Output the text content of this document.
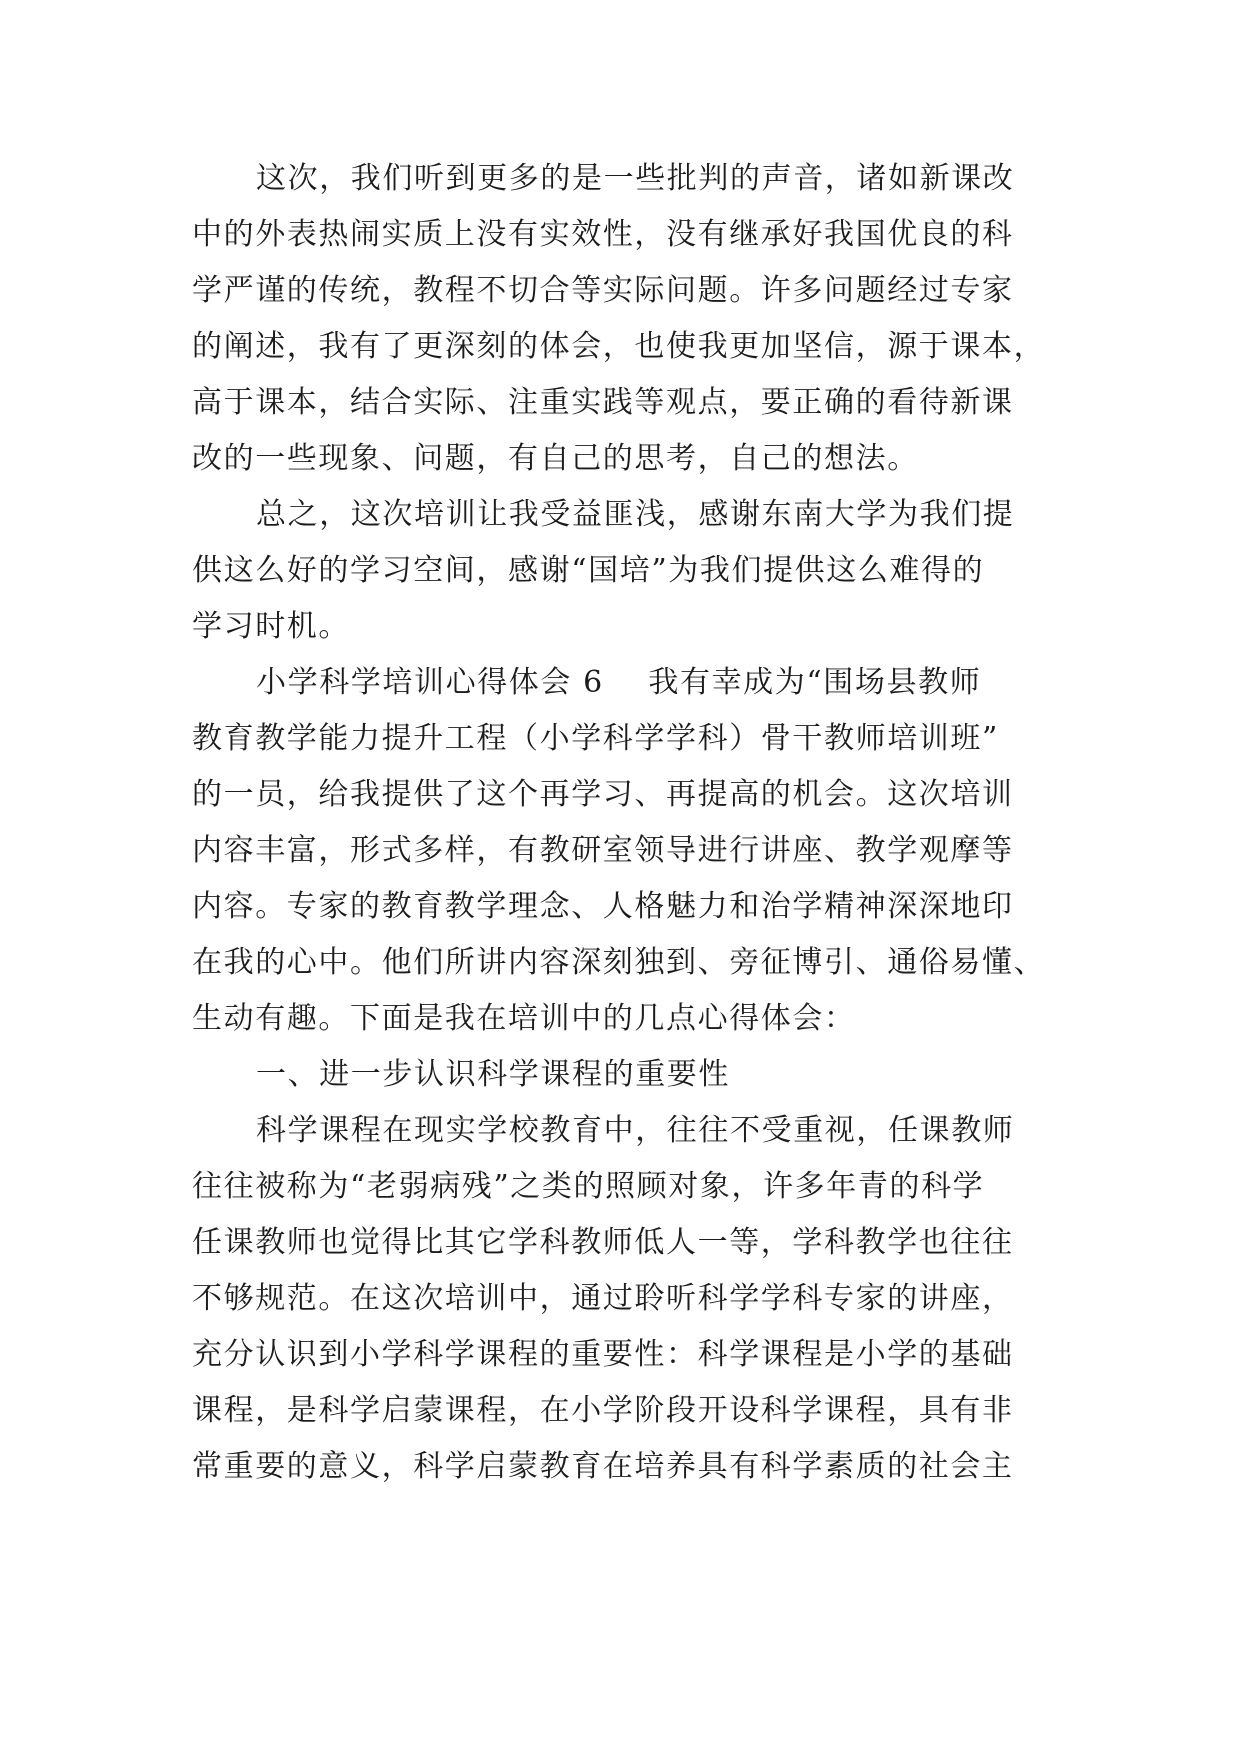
这次，我们听到更多的是一些批判的声音，诸如新课改
中的外表热闹实质上没有实效性，没有继承好我国优良的科
学严谨的传统，教程不切合等实际问题。许多问题经过专家
的阐述，我有了更深刻的体会，也使我更加坚信，源于课本，
高于课本，结合实际、注重实践等观点，要正确的看待新课
改的一些现象、问题，有自己的思考，自己的想法。
总之，这次培训让我受益匪浅，感谢东南大学为我们提
供这么好的学习空间，感谢“国培”为我们提供这么难得的
学习时机。
小学科学培训心得体会 6    我有幸成为“围场县教师
教育教学能力提升工程（小学科学学科）骨干教师培训班”
的一员，给我提供了这个再学习、再提高的机会。这次培训
内容丰富，形式多样，有教研室领导进行讲座、教学观摩等
内容。专家的教育教学理念、人格魅力和治学精神深深地印
在我的心中。他们所讲内容深刻独到、旁征博引、通俗易懂、
生动有趣。下面是我在培训中的几点心得体会：
一、进一步认识科学课程的重要性
科学课程在现实学校教育中，往往不受重视，任课教师
往往被称为“老弱病残”之类的照顾对象，许多年青的科学
任课教师也觉得比其它学科教师低人一等，学科教学也往往
不够规范。在这次培训中，通过聆听科学学科专家的讲座，
充分认识到小学科学课程的重要性：科学课程是小学的基础
课程，是科学启蒙课程，在小学阶段开设科学课程，具有非
常重要的意义，科学启蒙教育在培养具有科学素质的社会主
